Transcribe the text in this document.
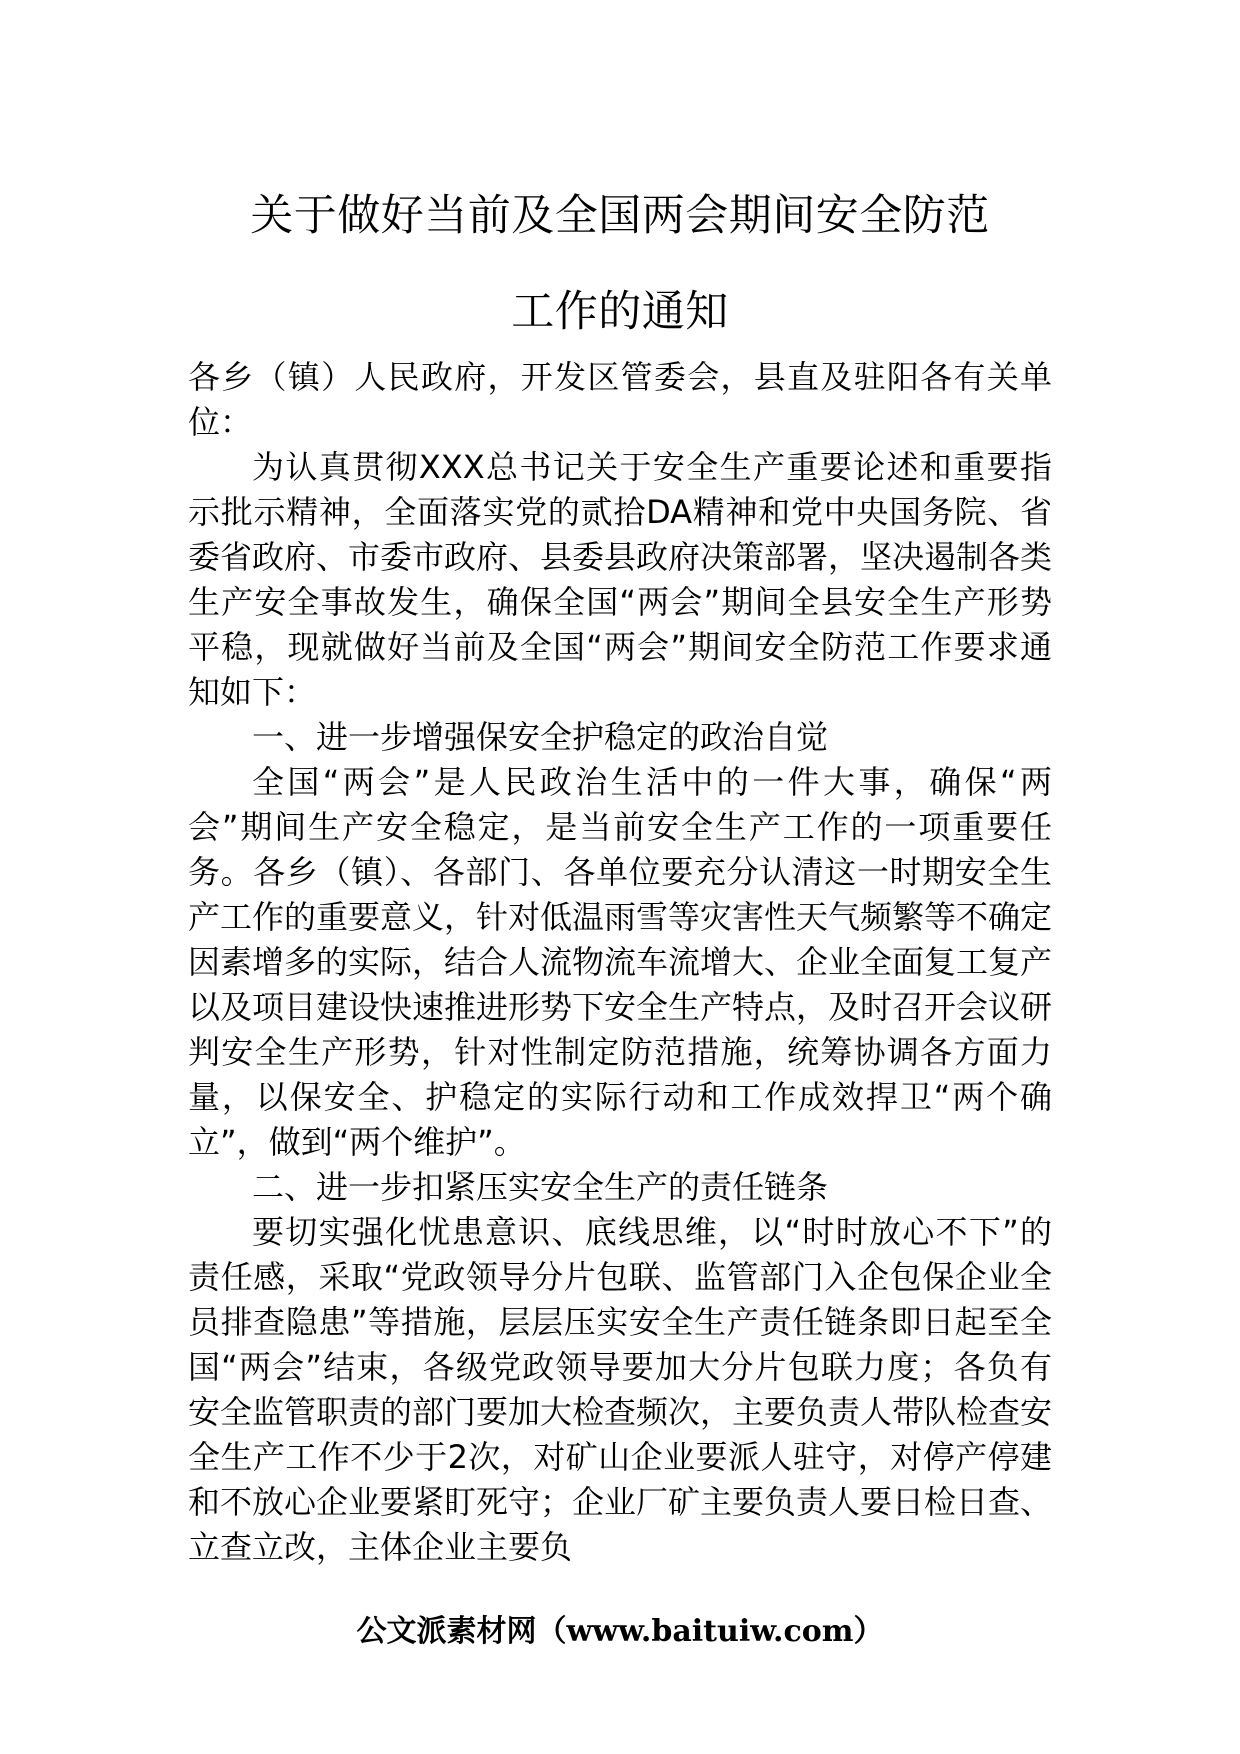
关于做好当前及全国两会期间安全防范
工作的通知

各乡（镇）人民政府，开发区管委会，县直及驻阳各有关单位：

为认真贯彻XXX总书记关于安全生产重要论述和重要指示批示精神，全面落实党的贰拾DA精神和党中央国务院、省委省政府、市委市政府、县委县政府决策部署，坚决遏制各类生产安全事故发生，确保全国“两会”期间全县安全生产形势平稳，现就做好当前及全国“两会”期间安全防范工作要求通知如下：

一、进一步增强保安全护稳定的政治自觉

全国“两会”是人民政治生活中的一件大事，确保“两会”期间生产安全稳定，是当前安全生产工作的一项重要任务。各乡（镇）、各部门、各单位要充分认清这一时期安全生产工作的重要意义，针对低温雨雪等灾害性天气频繁等不确定因素增多的实际，结合人流物流车流增大、企业全面复工复产以及项目建设快速推进形势下安全生产特点，及时召开会议研判安全生产形势，针对性制定防范措施，统筹协调各方面力量，以保安全、护稳定的实际行动和工作成效捍卫“两个确立”，做到“两个维护”。

二、进一步扣紧压实安全生产的责任链条

要切实强化忧患意识、底线思维，以“时时放心不下”的责任感，采取“党政领导分片包联、监管部门入企包保企业全员排查隐患”等措施，层层压实安全生产责任链条即日起至全国“两会”结束，各级党政领导要加大分片包联力度；各负有安全监管职责的部门要加大检查频次，主要负责人带队检查安全生产工作不少于2次，对矿山企业要派人驻守，对停产停建和不放心企业要紧盯死守；企业厂矿主要负责人要日检日查、立查立改，主体企业主要负

公文派素材网（www.baituiw.com）
